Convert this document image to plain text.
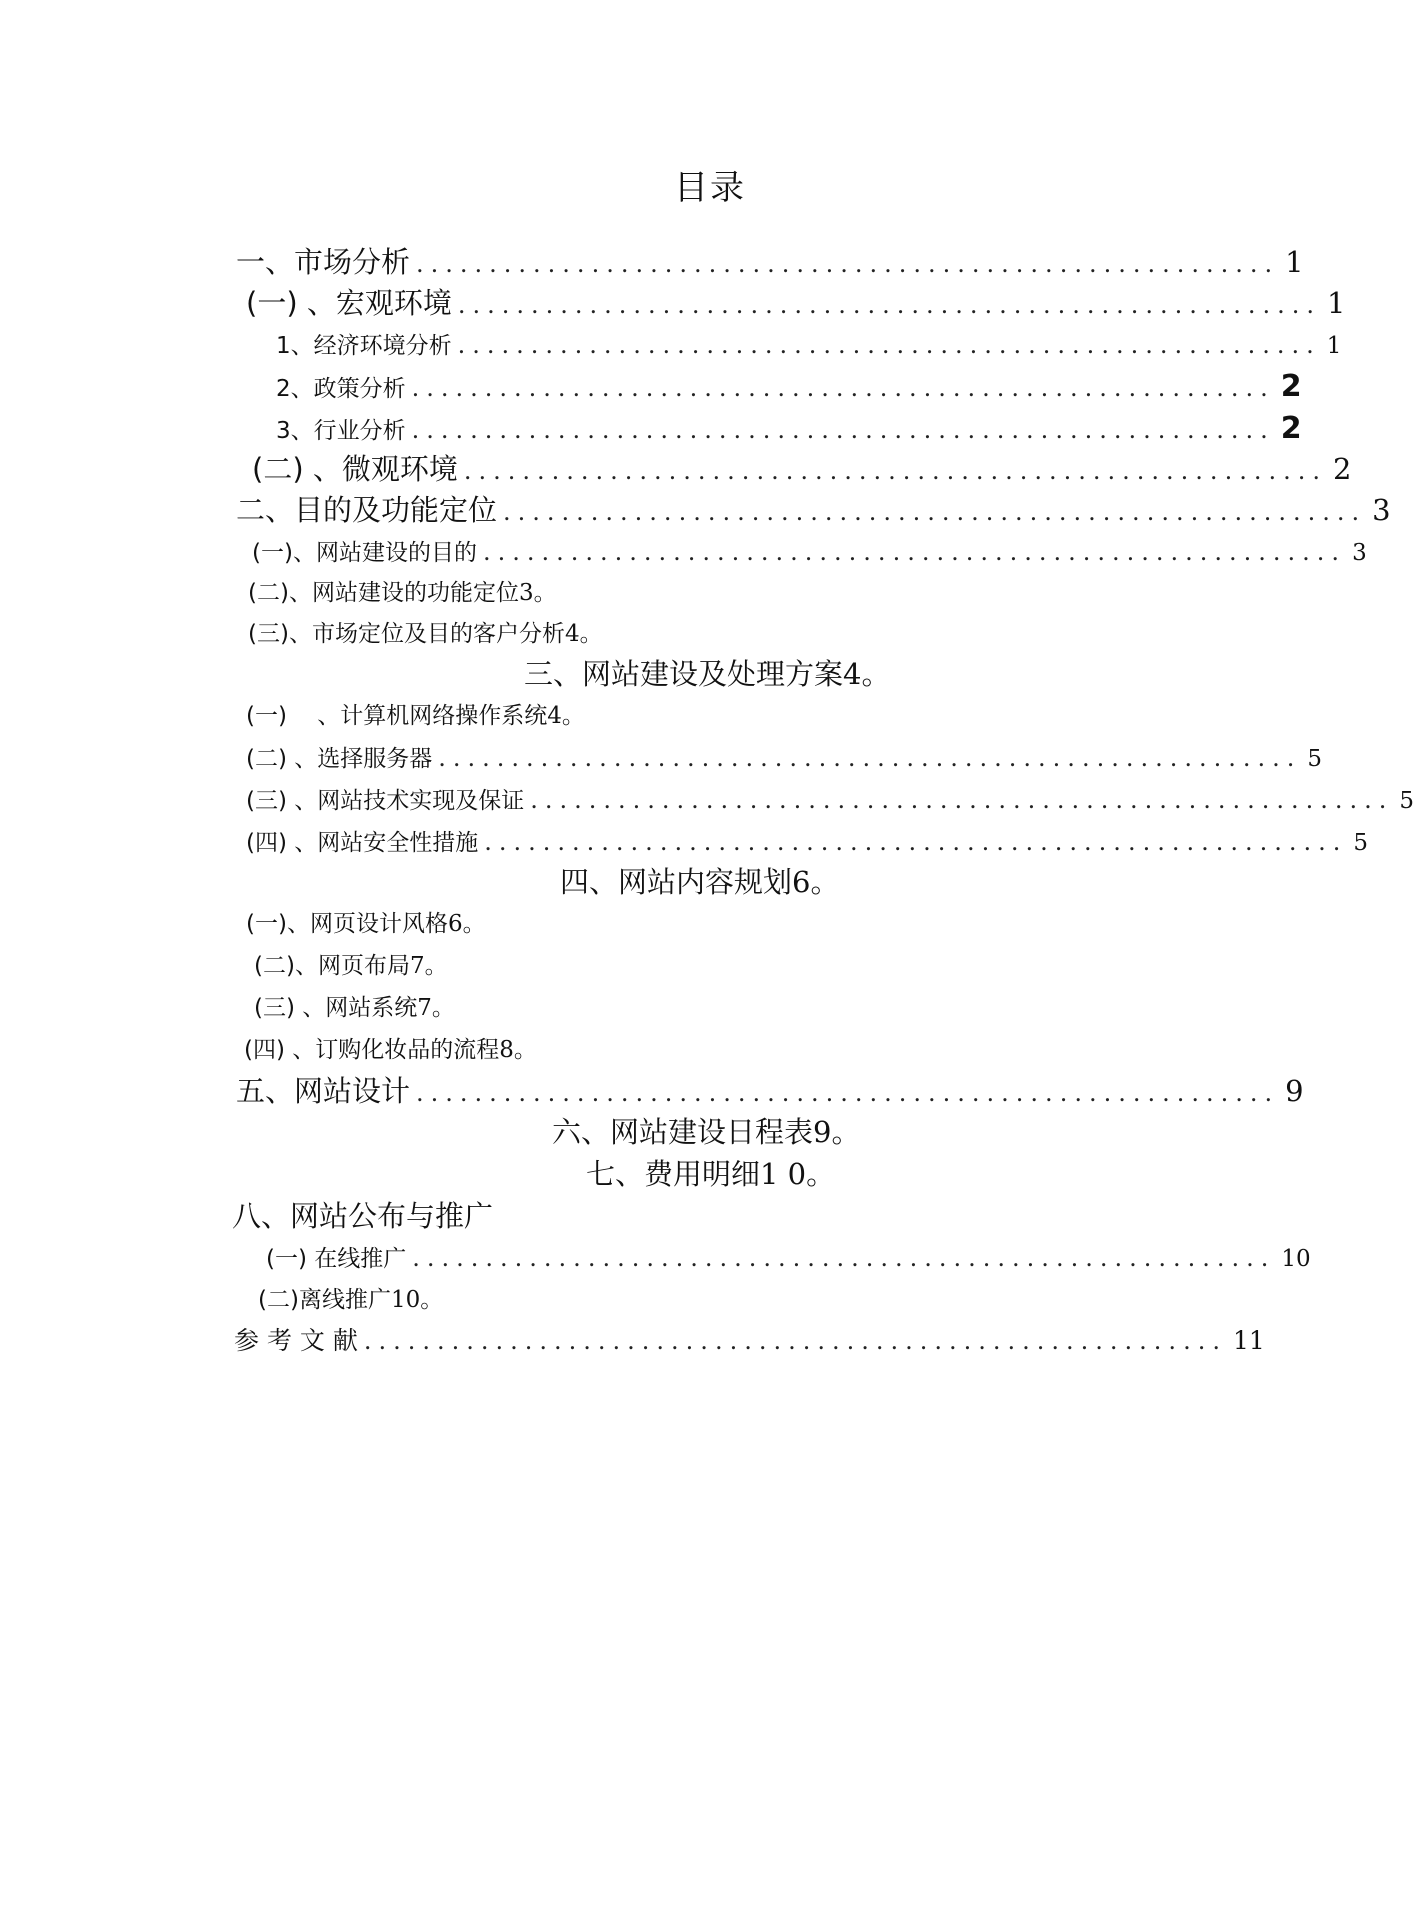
目录
一、市场分析 ........................................................... 1
(一) 、宏观环境 ........................................................... 1
1、经济环境分析 ........................................................... 1
2、政策分析 ........................................................... 2
3、行业分析 ........................................................... 2
(二) 、微观环境 ........................................................... 2
二、目的及功能定位 ........................................................... 3
(一)、网站建设的目的 ........................................................... 3
(二)、网站建设的功能定位3。
(三)、市场定位及目的客户分析4。
三、网站建设及处理方案4。
(一)　 、计算机网络操作系统4。
(二) 、选择服务器 ........................................................... 5
(三) 、网站技术实现及保证 ........................................................... 5
(四) 、网站安全性措施 ........................................................... 5
四、网站内容规划6。
(一)、网页设计风格6。
(二)、网页布局7。
(三) 、网站系统7。
(四) 、订购化妆品的流程8。
五、网站设计 ........................................................... 9
六、网站建设日程表9。
七、费用明细1 0。
八、网站公布与推广
(一) 在线推广 ........................................................... 10
(二)离线推广10。
参 考 文 献 ........................................................... 11
